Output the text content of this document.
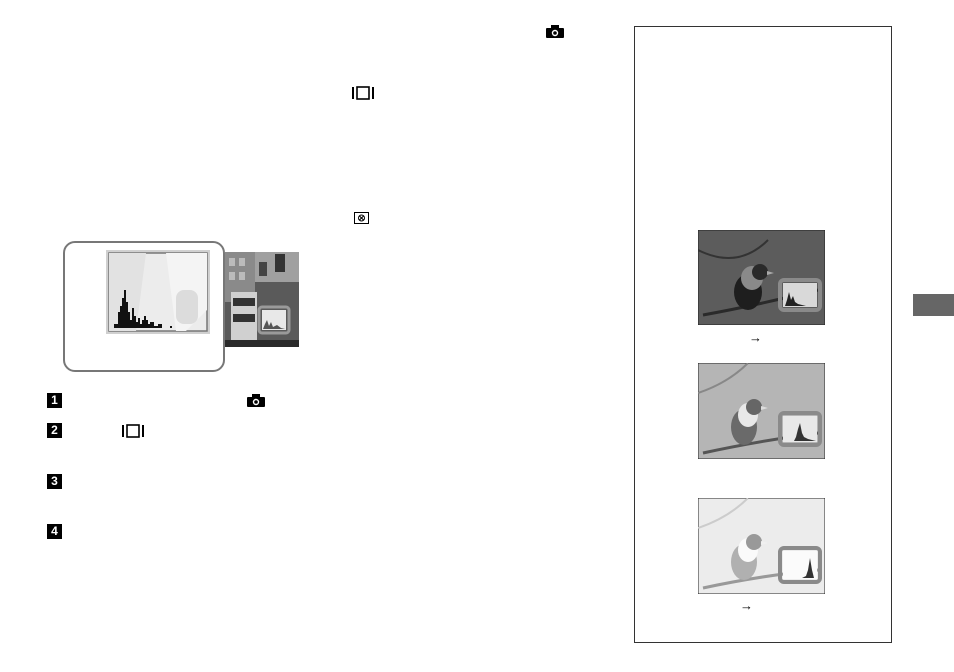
1
2
3
4
→
→
